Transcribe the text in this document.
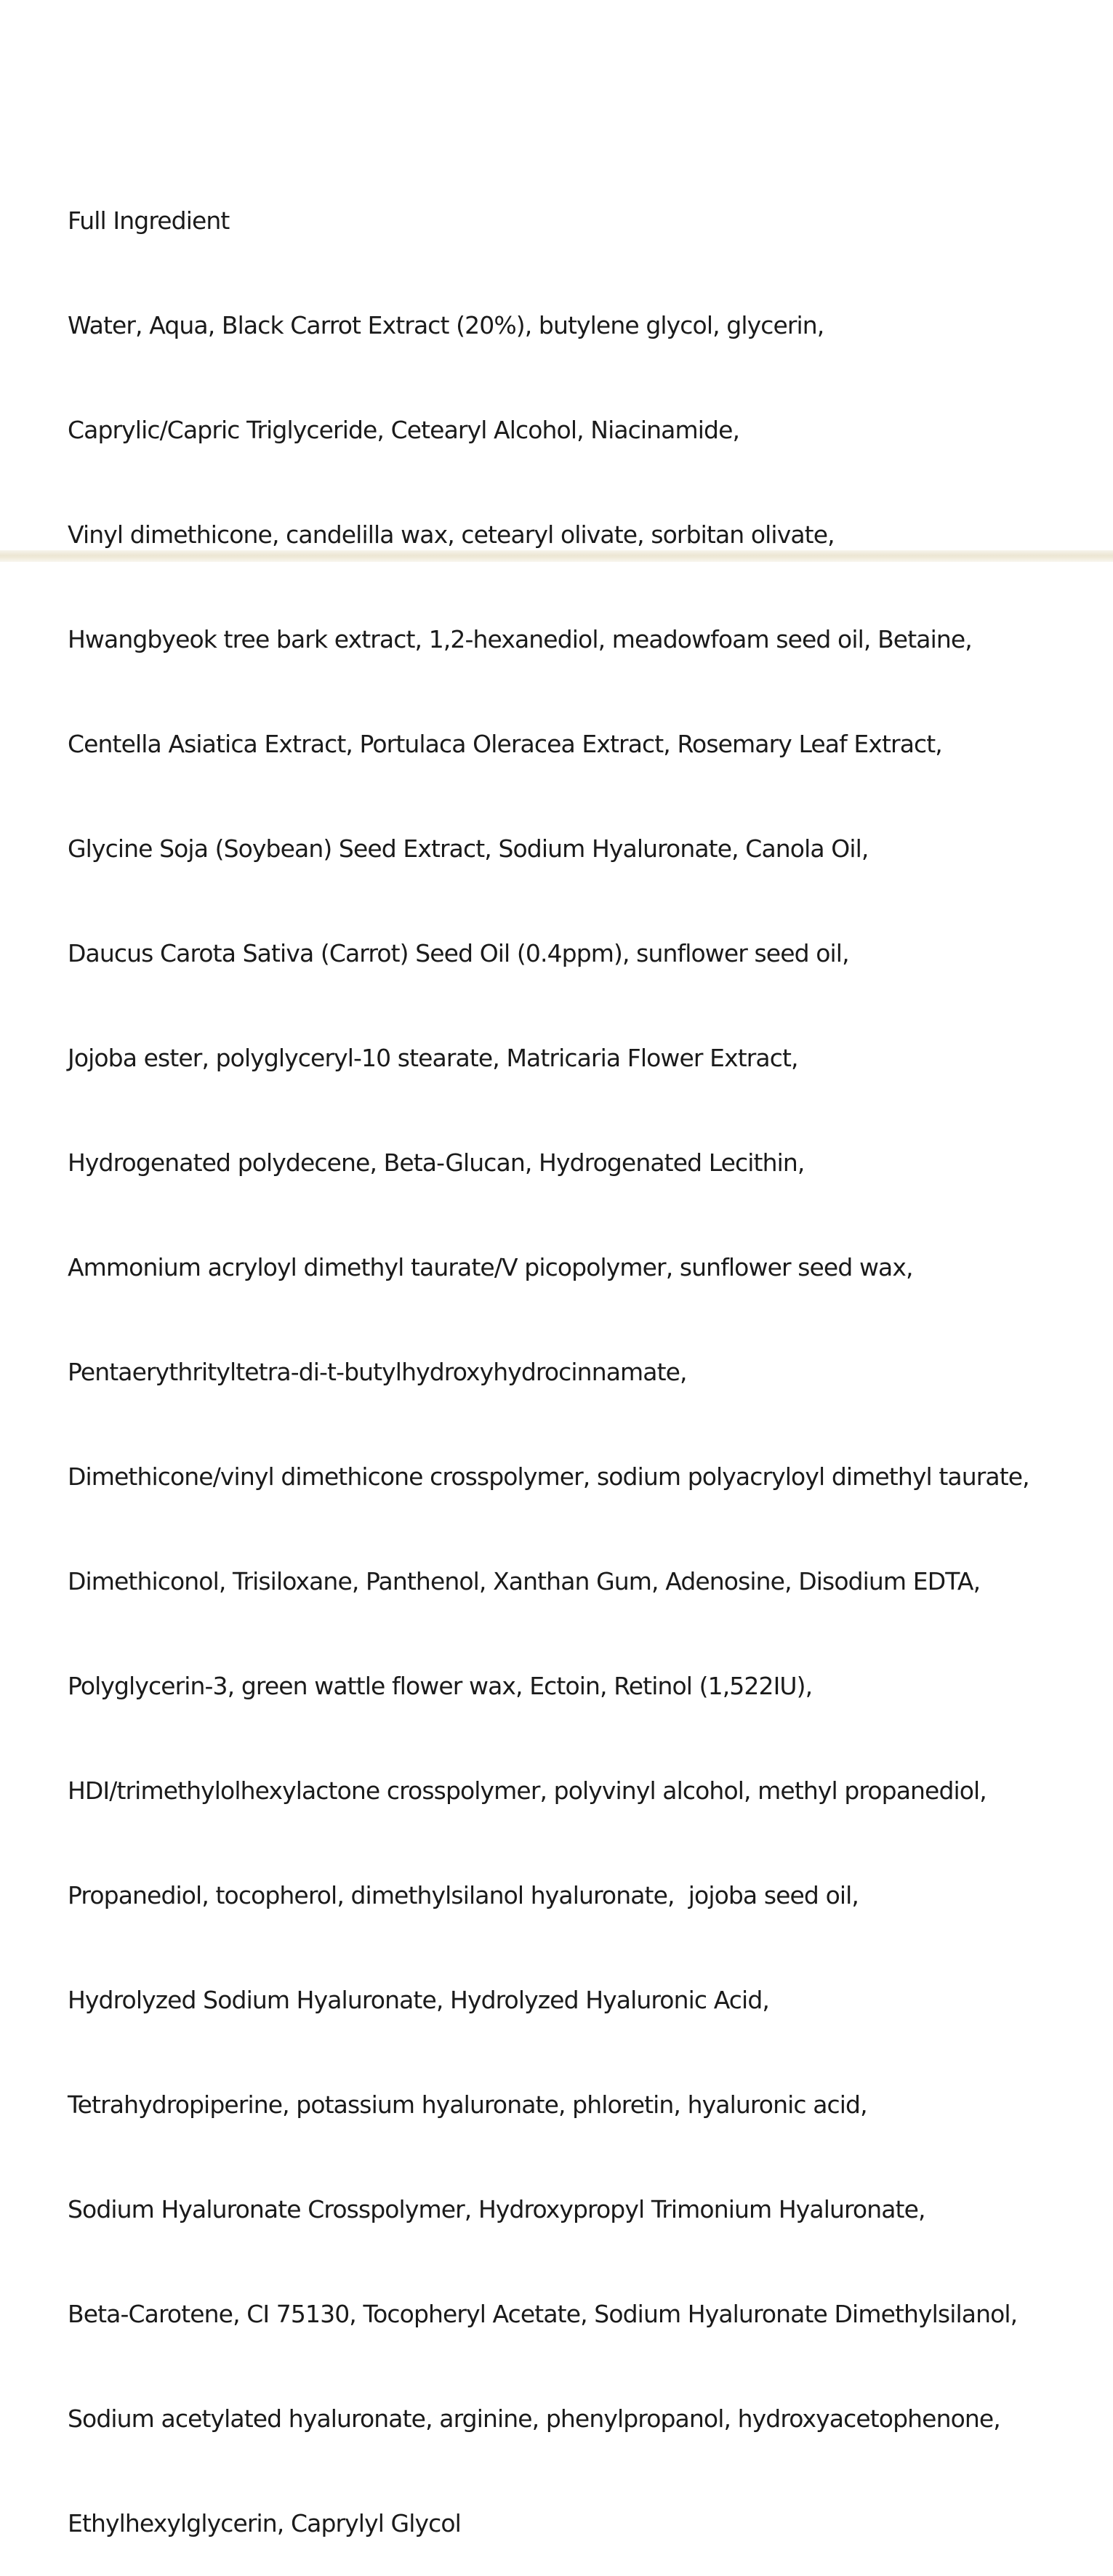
Full Ingredient

Water, Aqua, Black Carrot Extract (20%), butylene glycol, glycerin,

Caprylic/Capric Triglyceride, Cetearyl Alcohol, Niacinamide,

Vinyl dimethicone, candelilla wax, cetearyl olivate, sorbitan olivate,

Hwangbyeok tree bark extract, 1,2-hexanediol, meadowfoam seed oil, Betaine,

Centella Asiatica Extract, Portulaca Oleracea Extract, Rosemary Leaf Extract,

Glycine Soja (Soybean) Seed Extract, Sodium Hyaluronate, Canola Oil,

Daucus Carota Sativa (Carrot) Seed Oil (0.4ppm), sunflower seed oil,

Jojoba ester, polyglyceryl-10 stearate, Matricaria Flower Extract,

Hydrogenated polydecene, Beta-Glucan, Hydrogenated Lecithin,

Ammonium acryloyl dimethyl taurate/V picopolymer, sunflower seed wax,

Pentaerythrityltetra-di-t-butylhydroxyhydrocinnamate,

Dimethicone/vinyl dimethicone crosspolymer, sodium polyacryloyl dimethyl taurate,

Dimethiconol, Trisiloxane, Panthenol, Xanthan Gum, Adenosine, Disodium EDTA,

Polyglycerin-3, green wattle flower wax, Ectoin, Retinol (1,522IU),

HDI/trimethylolhexylactone crosspolymer, polyvinyl alcohol, methyl propanediol,

Propanediol, tocopherol, dimethylsilanol hyaluronate,  jojoba seed oil,

Hydrolyzed Sodium Hyaluronate, Hydrolyzed Hyaluronic Acid,

Tetrahydropiperine, potassium hyaluronate, phloretin, hyaluronic acid,

Sodium Hyaluronate Crosspolymer, Hydroxypropyl Trimonium Hyaluronate,

Beta-Carotene, CI 75130, Tocopheryl Acetate, Sodium Hyaluronate Dimethylsilanol,

Sodium acetylated hyaluronate, arginine, phenylpropanol, hydroxyacetophenone,

Ethylhexylglycerin, Caprylyl Glycol
